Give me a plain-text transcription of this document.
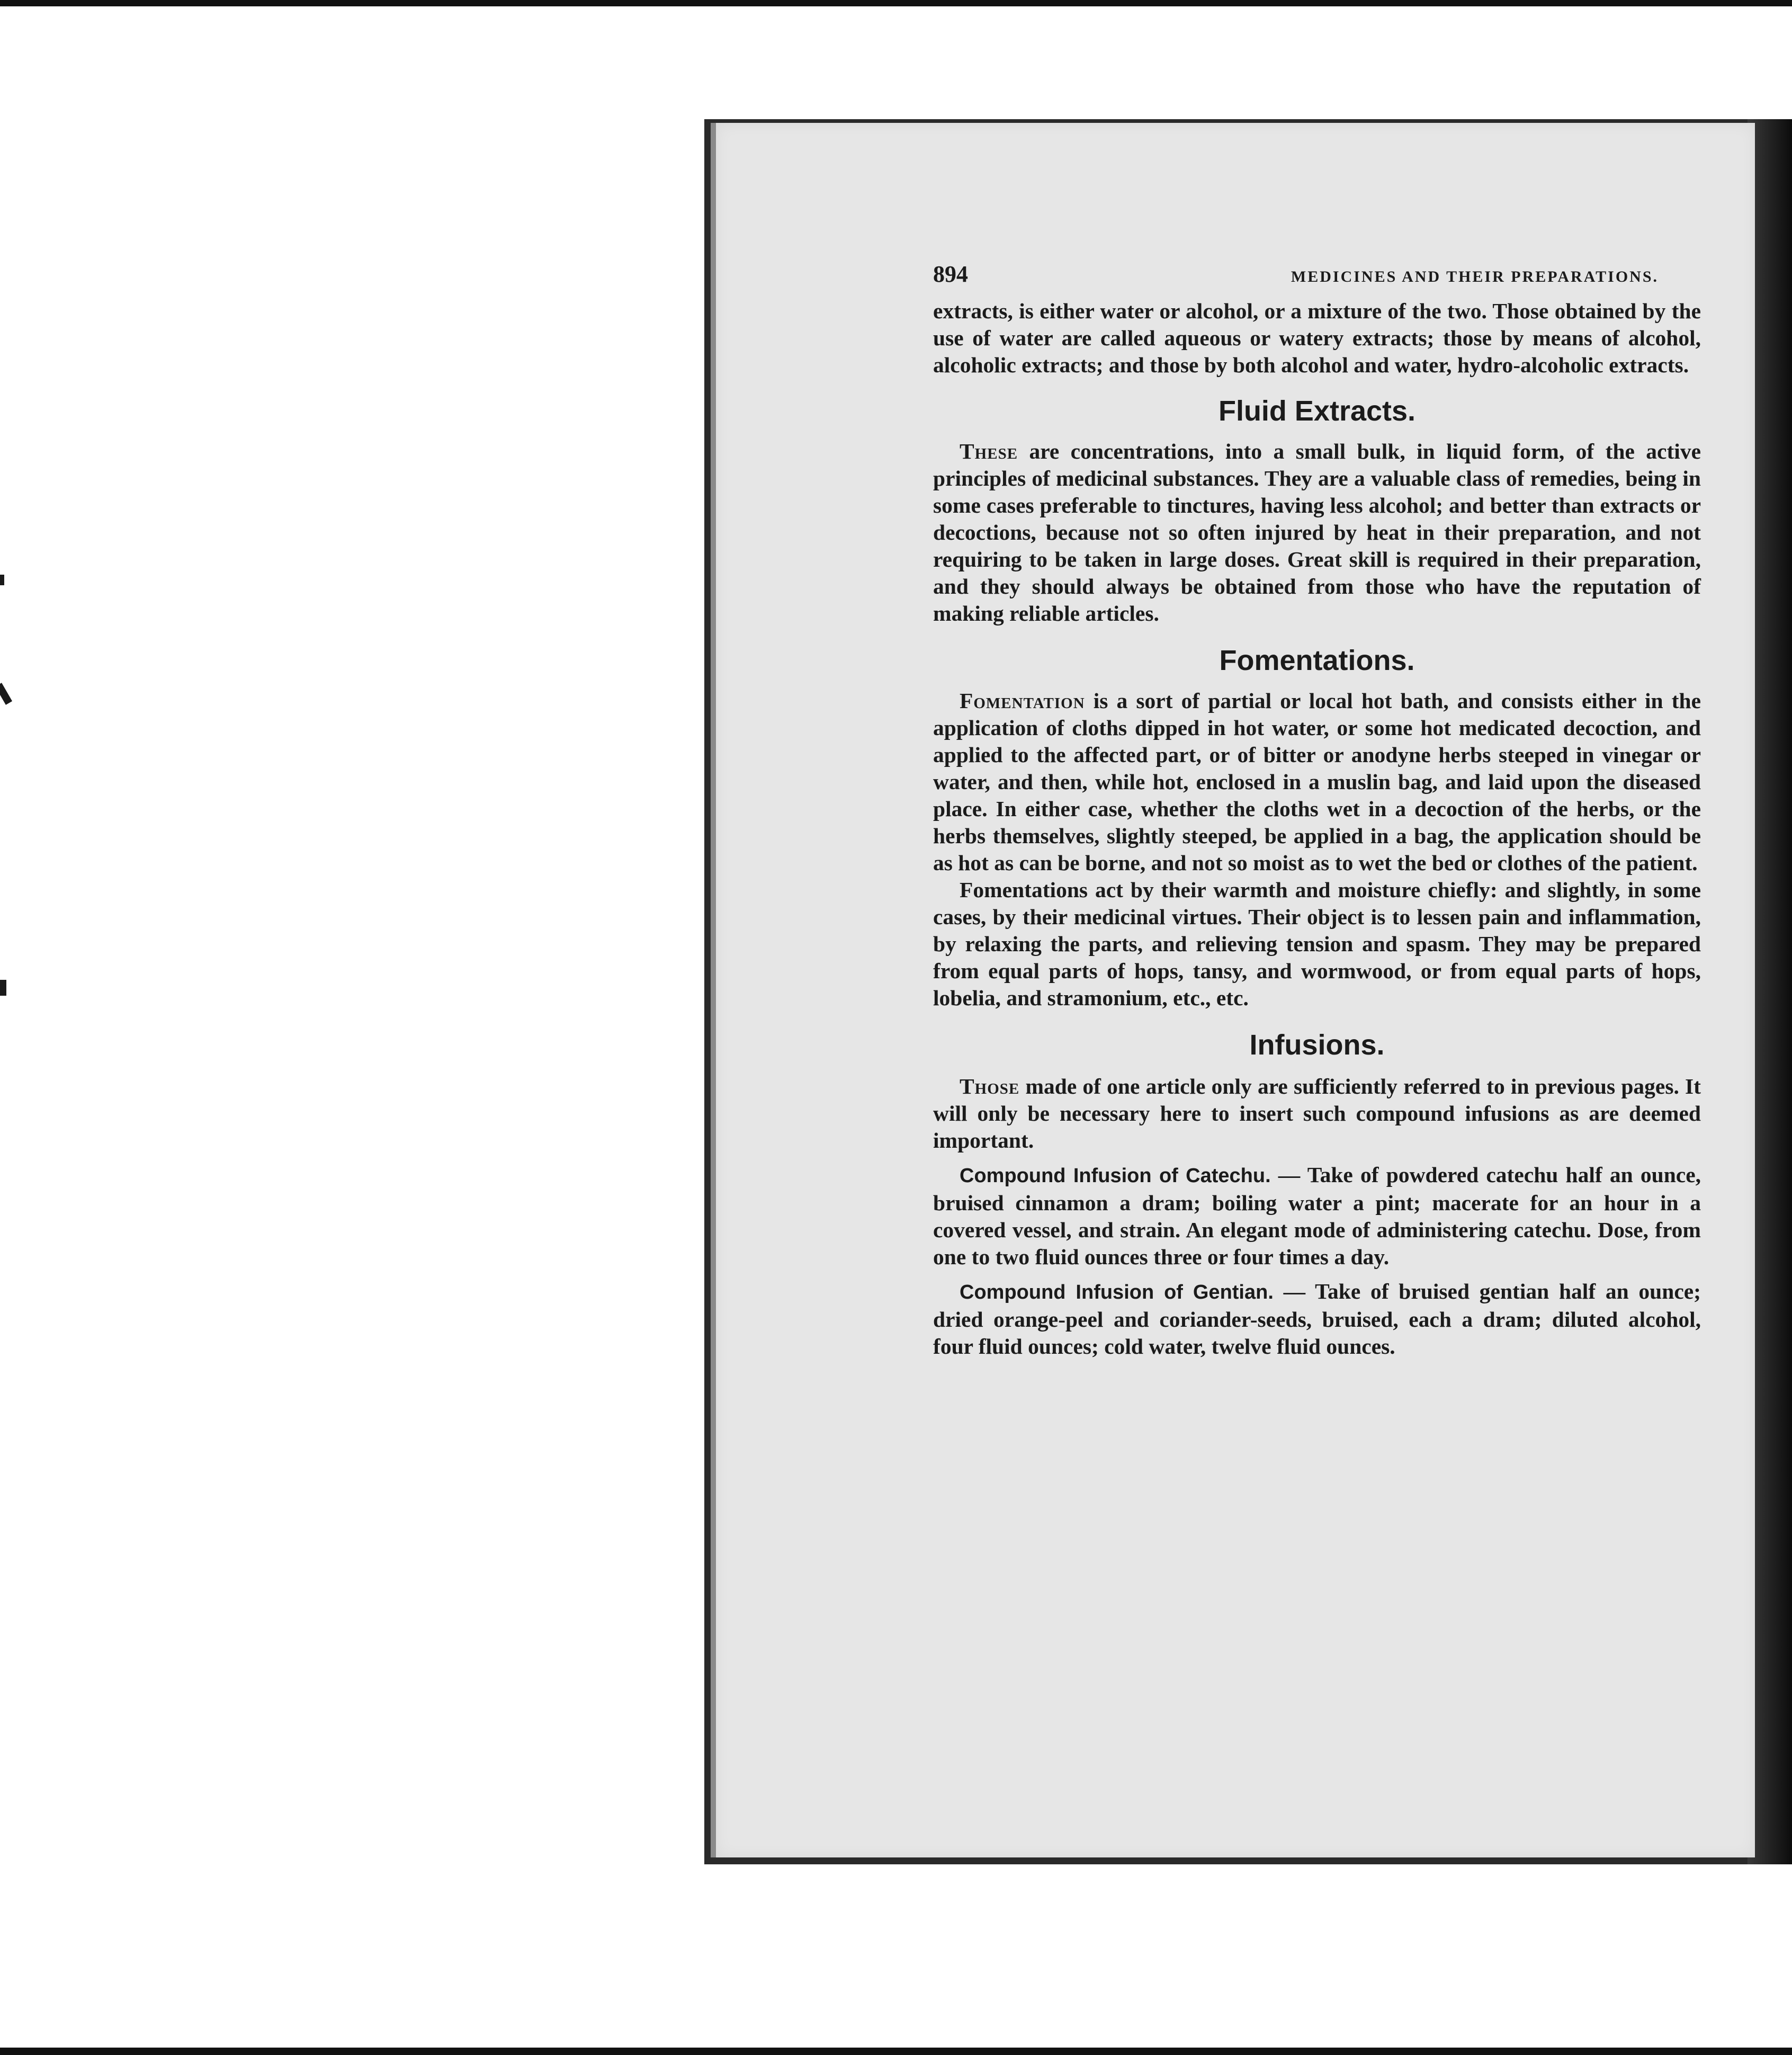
894	MEDICINES AND THEIR PREPARATIONS.

extracts, is either water or alcohol, or a mixture of the two. Those obtained by the use of water are called aqueous or watery extracts; those by means of alcohol, alcoholic extracts; and those by both alcohol and water, hydro-alcoholic extracts.

Fluid Extracts.

These are concentrations, into a small bulk, in liquid form, of the active principles of medicinal substances. They are a valuable class of remedies, being in some cases preferable to tinctures, having less alcohol; and better than extracts or decoctions, because not so often injured by heat in their preparation, and not requiring to be taken in large doses. Great skill is required in their preparation, and they should always be obtained from those who have the reputation of making reliable articles.

Fomentations.

Fomentation is a sort of partial or local hot bath, and consists either in the application of cloths dipped in hot water, or some hot medicated decoction, and applied to the affected part, or of bitter or anodyne herbs steeped in vinegar or water, and then, while hot, enclosed in a muslin bag, and laid upon the diseased place. In either case, whether the cloths wet in a decoction of the herbs, or the herbs themselves, slightly steeped, be applied in a bag, the application should be as hot as can be borne, and not so moist as to wet the bed or clothes of the patient.

Fomentations act by their warmth and moisture chiefly: and slightly, in some cases, by their medicinal virtues. Their object is to lessen pain and inflammation, by relaxing the parts, and relieving tension and spasm. They may be prepared from equal parts of hops, tansy, and wormwood, or from equal parts of hops, lobelia, and stramonium, etc., etc.

Infusions.

Those made of one article only are sufficiently referred to in previous pages. It will only be necessary here to insert such compound infusions as are deemed important.

Compound Infusion of Catechu. — Take of powdered catechu half an ounce, bruised cinnamon a dram; boiling water a pint; macerate for an hour in a covered vessel, and strain. An elegant mode of administering catechu. Dose, from one to two fluid ounces three or four times a day.

Compound Infusion of Gentian. — Take of bruised gentian half an ounce; dried orange-peel and coriander-seeds, bruised, each a dram; diluted alcohol, four fluid ounces; cold water, twelve fluid ounces.
